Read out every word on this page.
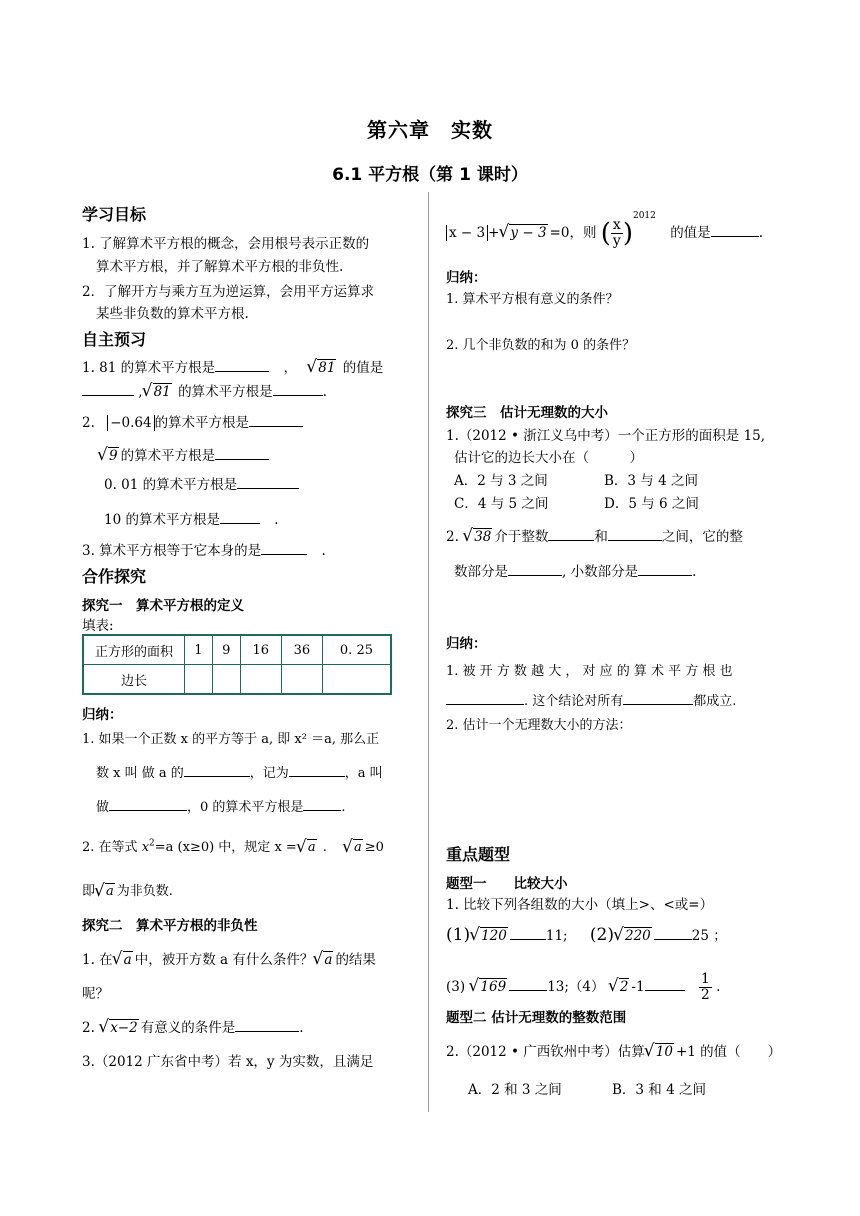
第六章　实数
6.1 平方根（第 1 课时）
学习目标
1. 了解算术平方根的概念，会用根号表示正数的
算术平方根，并了解算术平方根的非负性.
2．了解开方与乘方互为逆运算，会用平方运算求
某些非负数的算术平方根.
自主预习
1. 81 的算术平方根是	， √ 81 的值是
, √ 81 的算术平方根是	.
2. −0.64 的算术平方根是
√ 9 的算术平方根是
0. 01 的算术平方根是
10 的算术平方根是	.
3. 算术平方根等于它本身的是	.
合作探究
探究一　算术平方根的定义
填表:
正方形的面积	1	9	16	36	0. 25
边长					
归纳：
1. 如果一个正数 x 的平方等于 a, 即 x² ＝a, 那么正
数 x 叫 做 a 的	，记为	，a 叫
做	，0 的算术平方根是	.
2. 在等式 $x^2=a$ (x≥0) 中，规定 x = √ a . √ a ≥0
即 √ a 为非负数.
探究二　算术平方根的非负性
1. 在 √ a 中，被开方数 a 有什么条件？ √ a 的结果
呢？
2. √ x−2 有意义的条件是	.
3.（2012 广东省中考）若 x，y 为实数，且满足
x − 3 + √ y − 3 =0，则 ( $\frac{x}{y} )^{2012}$ 的值是	.
归纳：
1. 算术平方根有意义的条件？
2. 几个非负数的和为 0 的条件？
探究三　估计无理数的大小
1.（2012 • 浙江义乌中考）一个正方形的面积是 15,
估计它的边长大小在（　　　）
A．2 与 3 之间	B．3 与 4 之间
C．4 与 5 之间	D．5 与 6 之间
2. √ 38 介于整数	和	之间，它的整
数部分是	, 小数部分是	.
归纳：
1. 被 开 方 数 越 大 ， 对 应 的 算 术 平 方 根 也
. 这个结论对所有	都成立.
2. 估计一个无理数大小的方法：
重点题型
题型一　　比较大小
1. 比较下列各组数的大小（填上>、<或=）
(1) √ 120	11; (2) √ 220	25 ；
(3) √ 169	13;（4） √ 2 -1	$\frac{1}{2}$ .
题型二 估计无理数的整数范围
2.（2012 • 广西钦州中考）估算 √ 10 +1 的值（　　）
A．2 和 3 之间	B．3 和 4 之间
